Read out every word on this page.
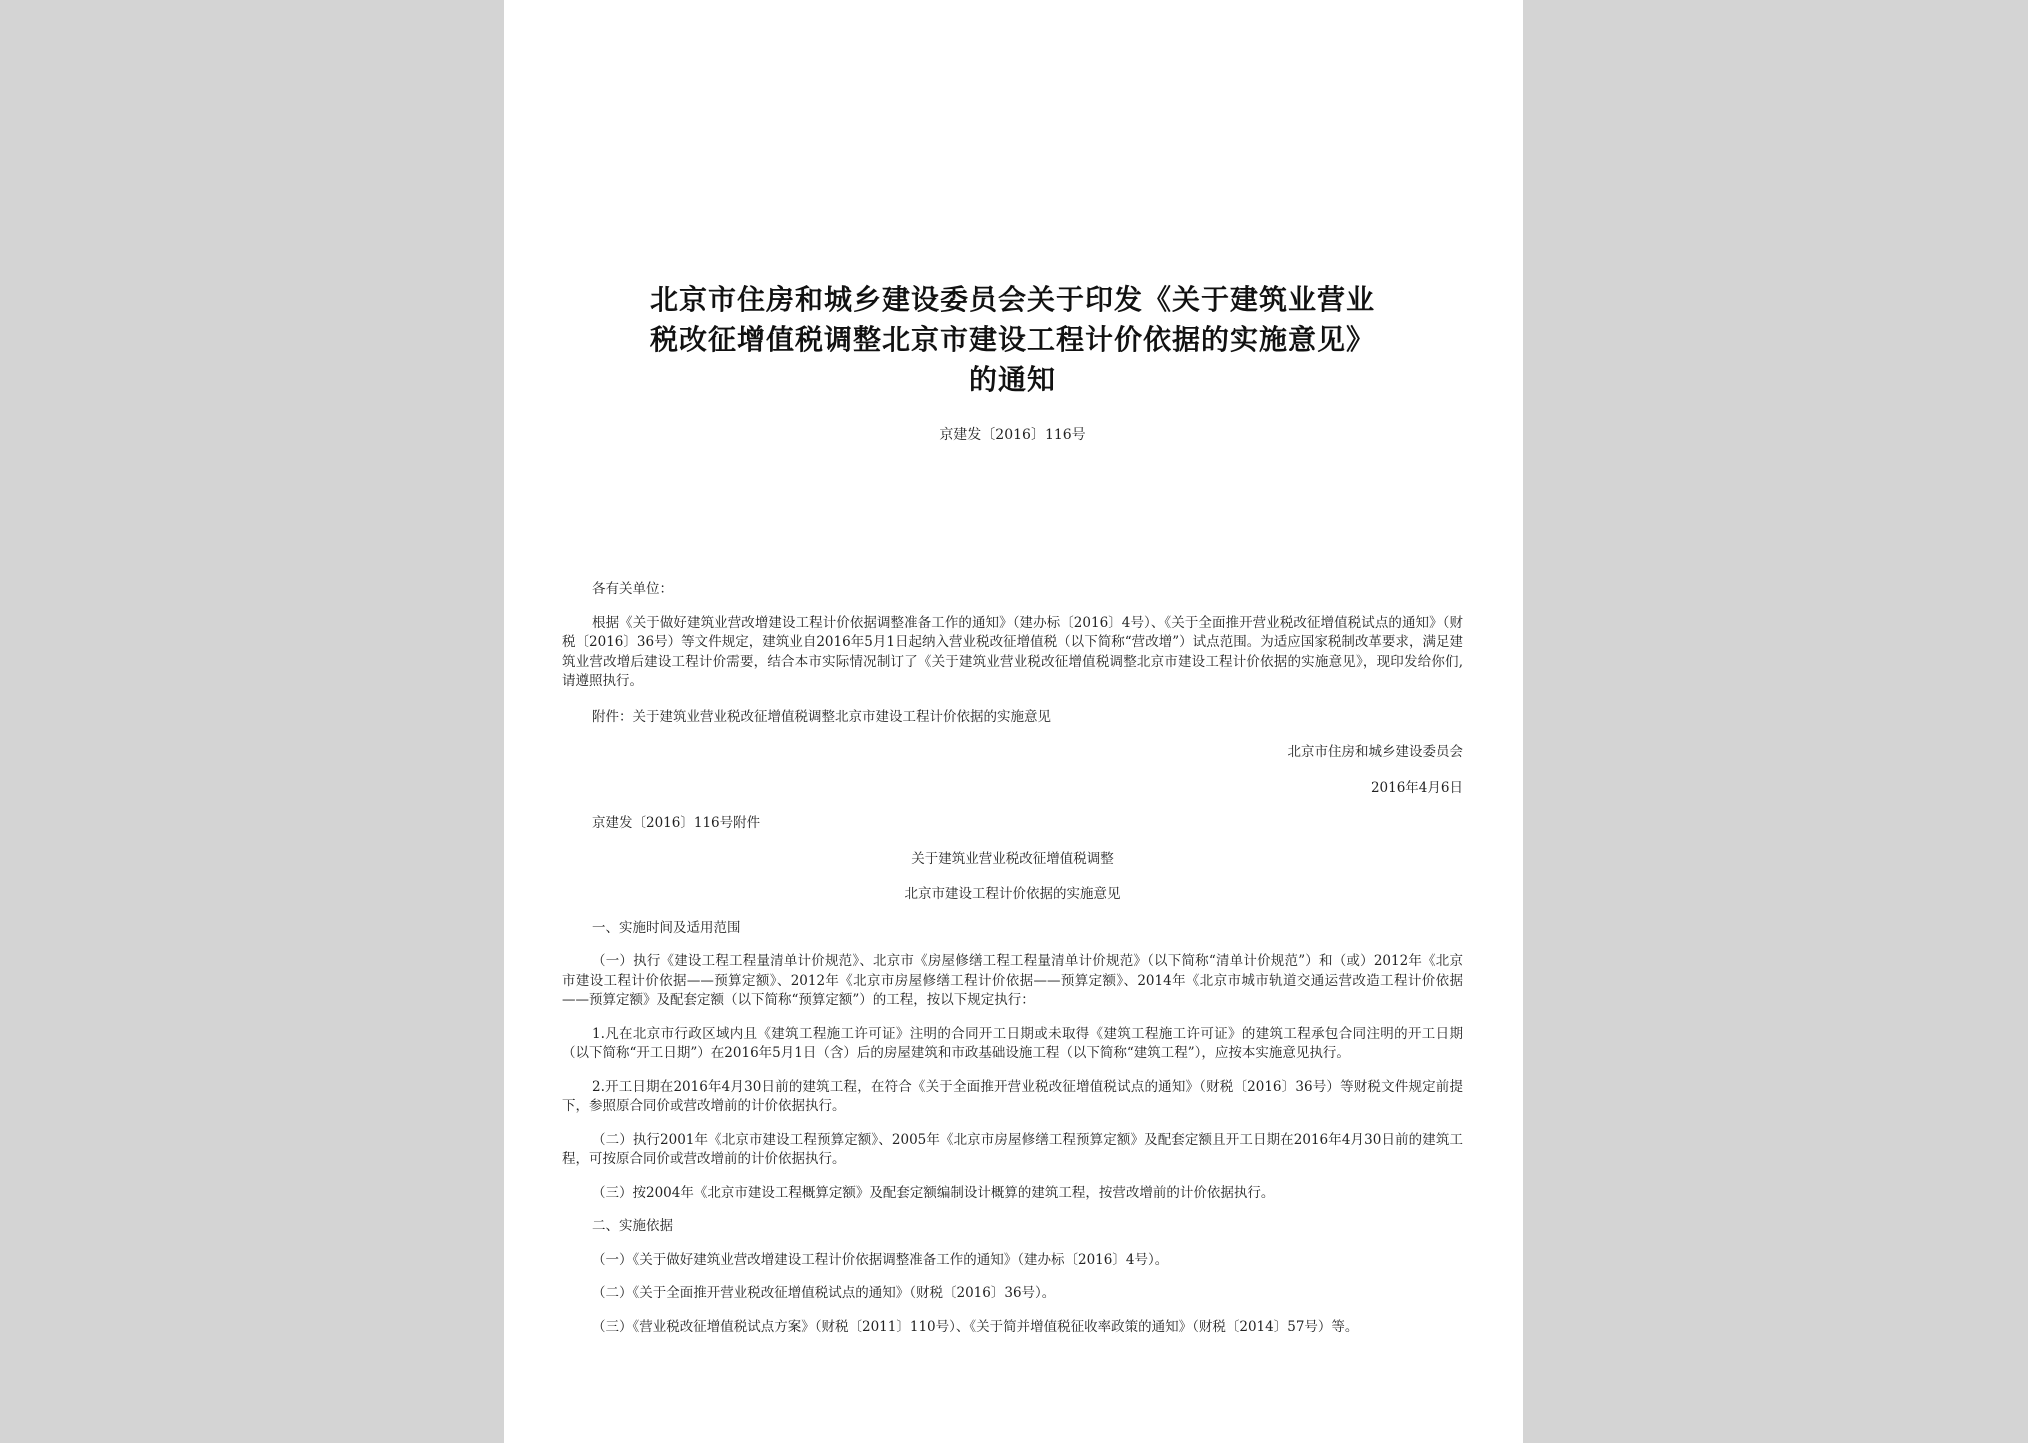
北京市住房和城乡建设委员会关于印发《关于建筑业营业
税改征增值税调整北京市建设工程计价依据的实施意见》
的通知
京建发〔2016〕116号

各有关单位：

根据《关于做好建筑业营改增建设工程计价依据调整准备工作的通知》（建办标〔2016〕4号）、《关于全面推开营业税改征增值税试点的通知》（财税〔2016〕36号）等文件规定，建筑业自2016年5月1日起纳入营业税改征增值税（以下简称“营改增”）试点范围。为适应国家税制改革要求，满足建筑业营改增后建设工程计价需要，结合本市实际情况制订了《关于建筑业营业税改征增值税调整北京市建设工程计价依据的实施意见》，现印发给你们,请遵照执行。

附件：关于建筑业营业税改征增值税调整北京市建设工程计价依据的实施意见

北京市住房和城乡建设委员会

2016年4月6日

京建发〔2016〕116号附件

关于建筑业营业税改征增值税调整

北京市建设工程计价依据的实施意见

一、实施时间及适用范围

（一）执行《建设工程工程量清单计价规范》、北京市《房屋修缮工程工程量清单计价规范》（以下简称“清单计价规范”）和（或）2012年《北京市建设工程计价依据——预算定额》、2012年《北京市房屋修缮工程计价依据——预算定额》、2014年《北京市城市轨道交通运营改造工程计价依据——预算定额》及配套定额（以下简称“预算定额”）的工程，按以下规定执行：

1.凡在北京市行政区域内且《建筑工程施工许可证》注明的合同开工日期或未取得《建筑工程施工许可证》的建筑工程承包合同注明的开工日期（以下简称“开工日期”）在2016年5月1日（含）后的房屋建筑和市政基础设施工程（以下简称“建筑工程”），应按本实施意见执行。

2.开工日期在2016年4月30日前的建筑工程，在符合《关于全面推开营业税改征增值税试点的通知》（财税〔2016〕36号）等财税文件规定前提下，参照原合同价或营改增前的计价依据执行。

（二）执行2001年《北京市建设工程预算定额》、2005年《北京市房屋修缮工程预算定额》及配套定额且开工日期在2016年4月30日前的建筑工程，可按原合同价或营改增前的计价依据执行。

（三）按2004年《北京市建设工程概算定额》及配套定额编制设计概算的建筑工程，按营改增前的计价依据执行。

二、实施依据

（一）《关于做好建筑业营改增建设工程计价依据调整准备工作的通知》（建办标〔2016〕4号）。

（二）《关于全面推开营业税改征增值税试点的通知》（财税〔2016〕36号）。

（三）《营业税改征增值税试点方案》（财税〔2011〕110号）、《关于简并增值税征收率政策的通知》（财税〔2014〕57号）等。
